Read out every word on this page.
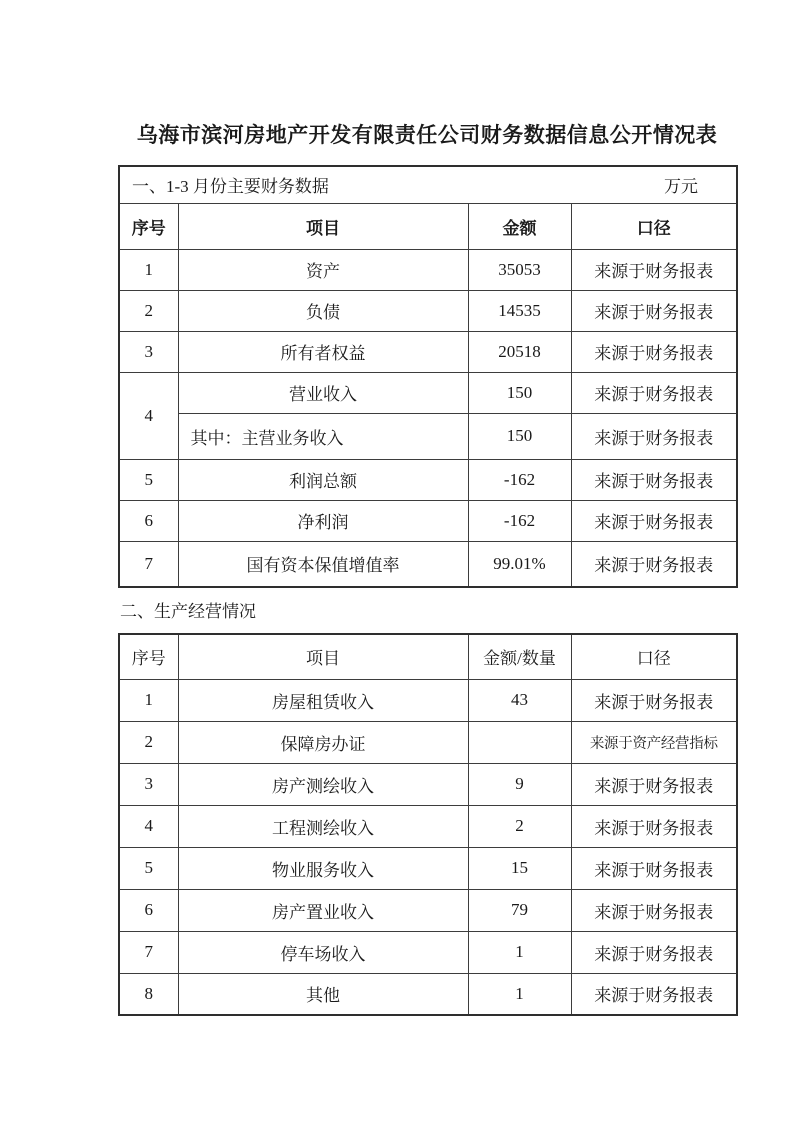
乌海市滨河房地产开发有限责任公司财务数据信息公开情况表
一、1-3 月份主要财务数据 万元			

序号	项目	金额	口径
1	资产	35053	来源于财务报表
2	负债	14535	来源于财务报表
3	所有者权益	20518	来源于财务报表
4	营业收入	150	来源于财务报表
	其中：主营业务收入	150	来源于财务报表
5	利润总额	-162	来源于财务报表
6	净利润	-162	来源于财务报表
7	国有资本保值增值率	99.01%	来源于财务报表
二、生产经营情况
序号	项目	金额/数量	口径
1	房屋租赁收入	43	来源于财务报表
2	保障房办证		来源于资产经营指标
3	房产测绘收入	9	来源于财务报表
4	工程测绘收入	2	来源于财务报表
5	物业服务收入	15	来源于财务报表
6	房产置业收入	79	来源于财务报表
7	停车场收入	1	来源于财务报表
8	其他	1	来源于财务报表
